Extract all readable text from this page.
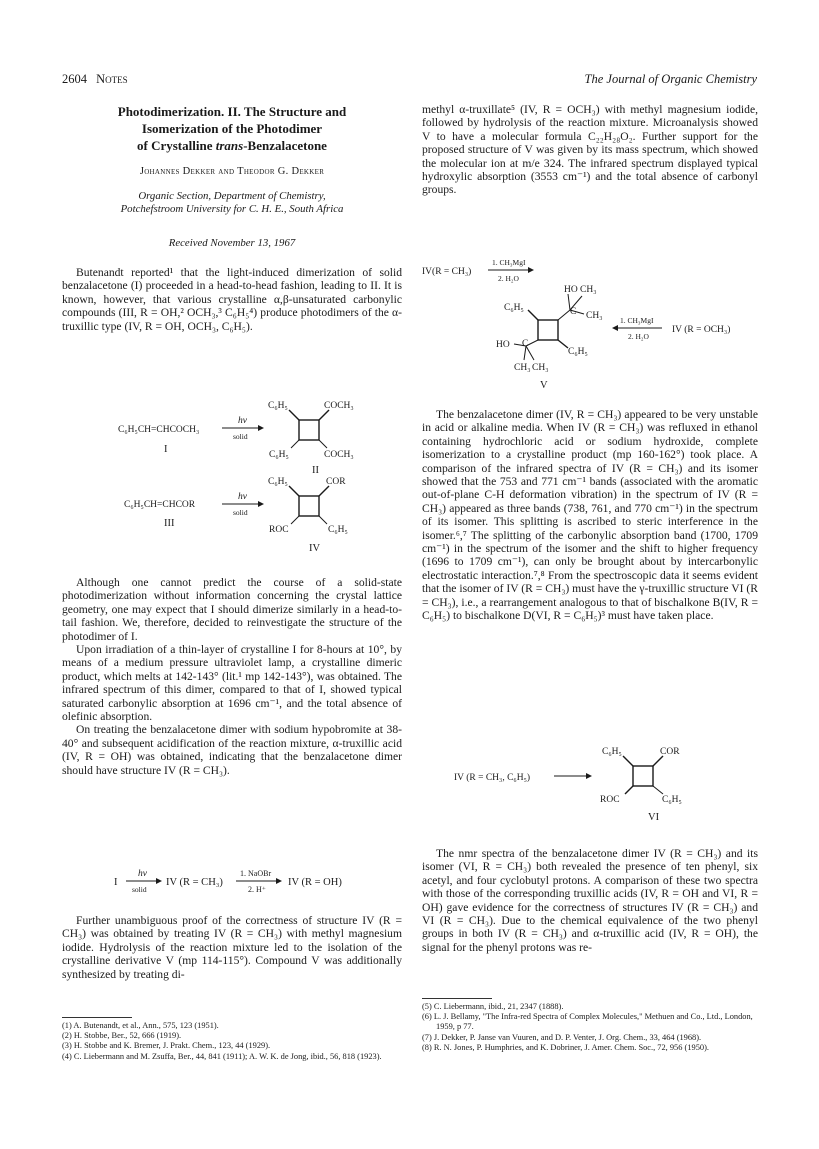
2604 Notes	The Journal of Organic Chemistry
Photodimerization. II. The Structure and
Isomerization of the Photodimer
of Crystalline trans-Benzalacetone
Johannes Dekker and Theodor G. Dekker
Organic Section, Department of Chemistry,
Potchefstroom University for C. H. E., South Africa
Received November 13, 1967

Butenandt reported¹ that the light-induced dimerization of solid benzalacetone (I) proceeded in a head-to-head fashion, leading to II. It is known, however, that various crystalline α,β-unsaturated carbonylic compounds (III, R = OH,² OCH₃,³ C₆H₅⁴) produce photodimers of the α-truxillic type (IV, R = OH, OCH₃, C₆H₅).

C₆H₅CH=CHCOCH₃
I
hν
solid
C₆H₅	COCH₃
C₆H₅	COCH₃
II
C₆H₅CH=CHCOR
III
hν
solid
C₆H₅	COR
ROC	C₆H₅
IV

Although one cannot predict the course of a solid-state photodimerization without information concerning the crystal lattice geometry, one may expect that I should dimerize similarly in a head-to-tail fashion. We, therefore, decided to reinvestigate the structure of the photodimer of I.

Upon irradiation of a thin-layer of crystalline I for 8-hours at 10°, by means of a medium pressure ultraviolet lamp, a crystalline dimeric product, which melts at 142-143° (lit.¹ mp 142-143°), was obtained. The infrared spectrum of this dimer, compared to that of I, showed typical saturated carbonylic absorption at 1696 cm⁻¹, and the total absence of olefinic absorption.

On treating the benzalacetone dimer with sodium hypobromite at 38-40° and subsequent acidification of the reaction mixture, α-truxillic acid (IV, R = OH) was obtained, indicating that the benzalacetone dimer should have structure IV (R = CH₃).

I
hν
solid
IV (R = CH₃)
1. NaOBr
2. H⁺
IV (R = OH)

Further unambiguous proof of the correctness of structure IV (R = CH₃) was obtained by treating IV (R = CH₃) with methyl magnesium iodide. Hydrolysis of the reaction mixture led to the isolation of the crystalline derivative V (mp 114-115°). Compound V was additionally synthesized by treating di-

(1) A. Butenandt, et al., Ann., 575, 123 (1951).
(2) H. Stobbe, Ber., 52, 666 (1919).
(3) H. Stobbe and K. Bremer, J. Prakt. Chem., 123, 44 (1929).
(4) C. Liebermann and M. Zsuffa, Ber., 44, 841 (1911); A. W. K. de Jong, ibid., 56, 818 (1923).

methyl α-truxillate⁵ (IV, R = OCH₃) with methyl magnesium iodide, followed by hydrolysis of the reaction mixture. Microanalysis showed V to have a molecular formula C₂₂H₂₈O₂. Further support for the proposed structure of V was given by its mass spectrum, which showed the molecular ion at m/e 324. The infrared spectrum displayed typical hydroxylic absorption (3553 cm⁻¹) and the total absence of carbonyl groups.

IV(R = CH₃)
1. CH₃MgI
2. H₂O
HO CH₃
C₆H₅	C CH₃
HO C
C₆H₅
CH₃ CH₃
V
1. CH₃MgI
2. H₂O
IV (R = OCH₃)

The benzalacetone dimer (IV, R = CH₃) appeared to be very unstable in acid or alkaline media. When IV (R = CH₃) was refluxed in ethanol containing hydrochloric acid or sodium hydroxide, complete isomerization to a crystalline product (mp 160-162°) took place. A comparison of the infrared spectra of IV (R = CH₃) and its isomer showed that the 753 and 771 cm⁻¹ bands (associated with the aromatic out-of-plane C-H deformation vibration) in the spectrum of IV (R = CH₃) appeared as three bands (738, 761, and 770 cm⁻¹) in the spectrum of its isomer. This splitting is ascribed to steric interference in the isomer.⁶,⁷ The splitting of the carbonylic absorption band (1700, 1709 cm⁻¹) in the spectrum of the isomer and the shift to higher frequency (1696 to 1709 cm⁻¹), can only be brought about by intercarbonylic electrostatic interaction.⁷,⁸ From the spectroscopic data it seems evident that the isomer of IV (R = CH₃) must have the γ-truxillic structure VI (R = CH₃), i.e., a rearrangement analogous to that of bischalkone B(IV, R = C₆H₅) to bischalkone D(VI, R = C₆H₅)³ must have taken place.

IV (R = CH₃, C₆H₅)
C₆H₅	COR
ROC	C₆H₅
VI

The nmr spectra of the benzalacetone dimer IV (R = CH₃) and its isomer (VI, R = CH₃) both revealed the presence of ten phenyl, six acetyl, and four cyclobutyl protons. A comparison of these two spectra with those of the corresponding truxillic acids (IV, R = OH and VI, R = OH) gave evidence for the correctness of structures IV (R = CH₃) and VI (R = CH₃). Due to the chemical equivalence of the two phenyl groups in both IV (R = CH₃) and α-truxillic acid (IV, R = OH), the signal for the phenyl protons was re-

(5) C. Liebermann, ibid., 21, 2347 (1888).
(6) L. J. Bellamy, "The Infra-red Spectra of Complex Molecules," Methuen and Co., Ltd., London, 1959, p 77.
(7) J. Dekker, P. Janse van Vuuren, and D. P. Venter, J. Org. Chem., 33, 464 (1968).
(8) R. N. Jones, P. Humphries, and K. Dobriner, J. Amer. Chem. Soc., 72, 956 (1950).
